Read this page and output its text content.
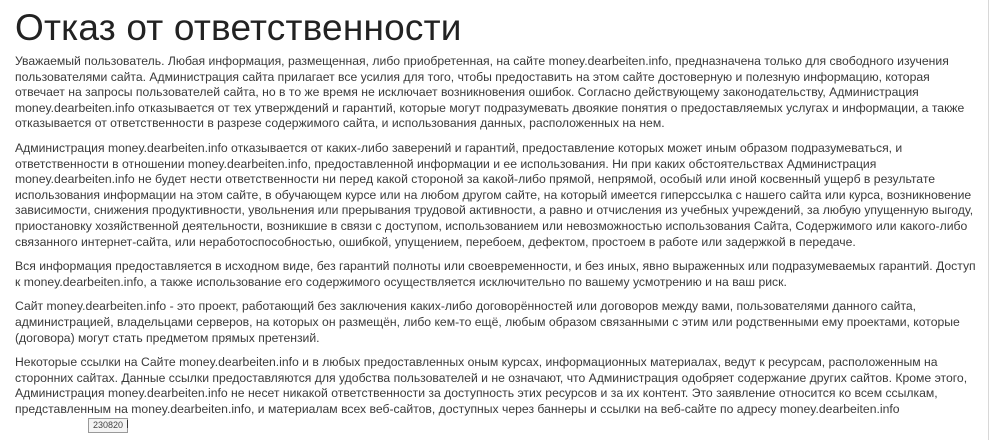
Отказ от ответственности

Уважаемый пользователь. Любая информация, размещенная, либо приобретенная, на сайте money.dearbeiten.info, предназначена только для свободного изучения пользователями сайта. Администрация сайта прилагает все усилия для того, чтобы предоставить на этом сайте достоверную и полезную информацию, которая отвечает на запросы пользователей сайта, но в то же время не исключает возникновения ошибок. Согласно действующему законодательству, Администрация money.dearbeiten.info отказывается от тех утверждений и гарантий, которые могут подразумевать двоякие понятия о предоставляемых услугах и информации, а также отказывается от ответственности в разрезе содержимого сайта, и использования данных, расположенных на нем.

Администрация money.dearbeiten.info отказывается от каких-либо заверений и гарантий, предоставление которых может иным образом подразумеваться, и ответственности в отношении money.dearbeiten.info, предоставленной информации и ее использования. Ни при каких обстоятельствах Администрация money.dearbeiten.info не будет нести ответственности ни перед какой стороной за какой-либо прямой, непрямой, особый или иной косвенный ущерб в результате использования информации на этом сайте, в обучающем курсе или на любом другом сайте, на который имеется гиперссылка с нашего сайта или курса, возникновение зависимости, снижения продуктивности, увольнения или прерывания трудовой активности, а равно и отчисления из учебных учреждений, за любую упущенную выгоду, приостановку хозяйственной деятельности, возникшие в связи с доступом, использованием или невозможностью использования Сайта, Содержимого или какого-либо связанного интернет-сайта, или неработоспособностью, ошибкой, упущением, перебоем, дефектом, простоем в работе или задержкой в передаче.

Вся информация предоставляется в исходном виде, без гарантий полноты или своевременности, и без иных, явно выраженных или подразумеваемых гарантий. Доступ к money.dearbeiten.info, а также использование его содержимого осуществляется исключительно по вашему усмотрению и на ваш риск.

Сайт money.dearbeiten.info - это проект, работающий без заключения каких-либо договорённостей или договоров между вами, пользователями данного сайта, администрацией, владельцами серверов, на которых он размещён, либо кем-то ещё, любым образом связанными с этим или родственными ему проектами, которые (договора) могут стать предметом прямых претензий.

Некоторые ссылки на Сайте money.dearbeiten.info и в любых предоставленных оным курсах, информационных материалах, ведут к ресурсам, расположенным на сторонних сайтах. Данные ссылки предоставляются для удобства пользователей и не означают, что Администрация одобряет содержание других сайтов. Кроме этого, Администрация money.dearbeiten.info не несет никакой ответственности за доступность этих ресурсов и за их контент. Это заявление относится ко всем ссылкам, представленным на money.dearbeiten.info, и материалам всех веб-сайтов, доступных через баннеры и ссылки на веб-сайте по адресу money.dearbeiten.info

230820
